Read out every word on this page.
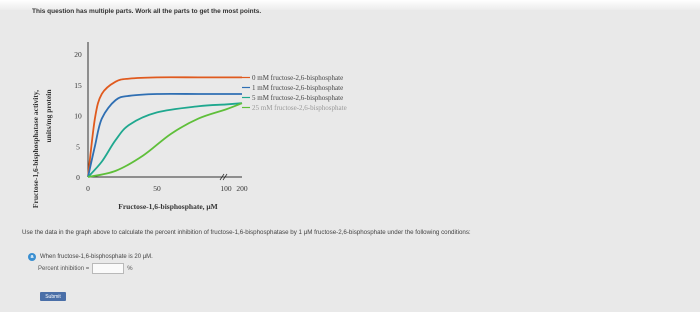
This question has multiple parts. Work all the parts to get the most points.
Fructose-1,6-bisphosphatase activity, units/mg protein
Fructose-1,6-bisphosphate, μM
0
5
10
15
20
0	50	100 200
0 mM fructose-2,6-bisphosphate
1 mM fructose-2,6-bisphosphate
5 mM fructose-2,6-bisphosphate
25 mM fructose-2,6-bisphosphate
Use the data in the graph above to calculate the percent inhibition of fructose-1,6-bisphosphatase by 1 μM fructose-2,6-bisphosphate under the following conditions:
a	When fructose-1,6-bisphosphate is 20 μM.
Percent inhibition =	%
Submit
